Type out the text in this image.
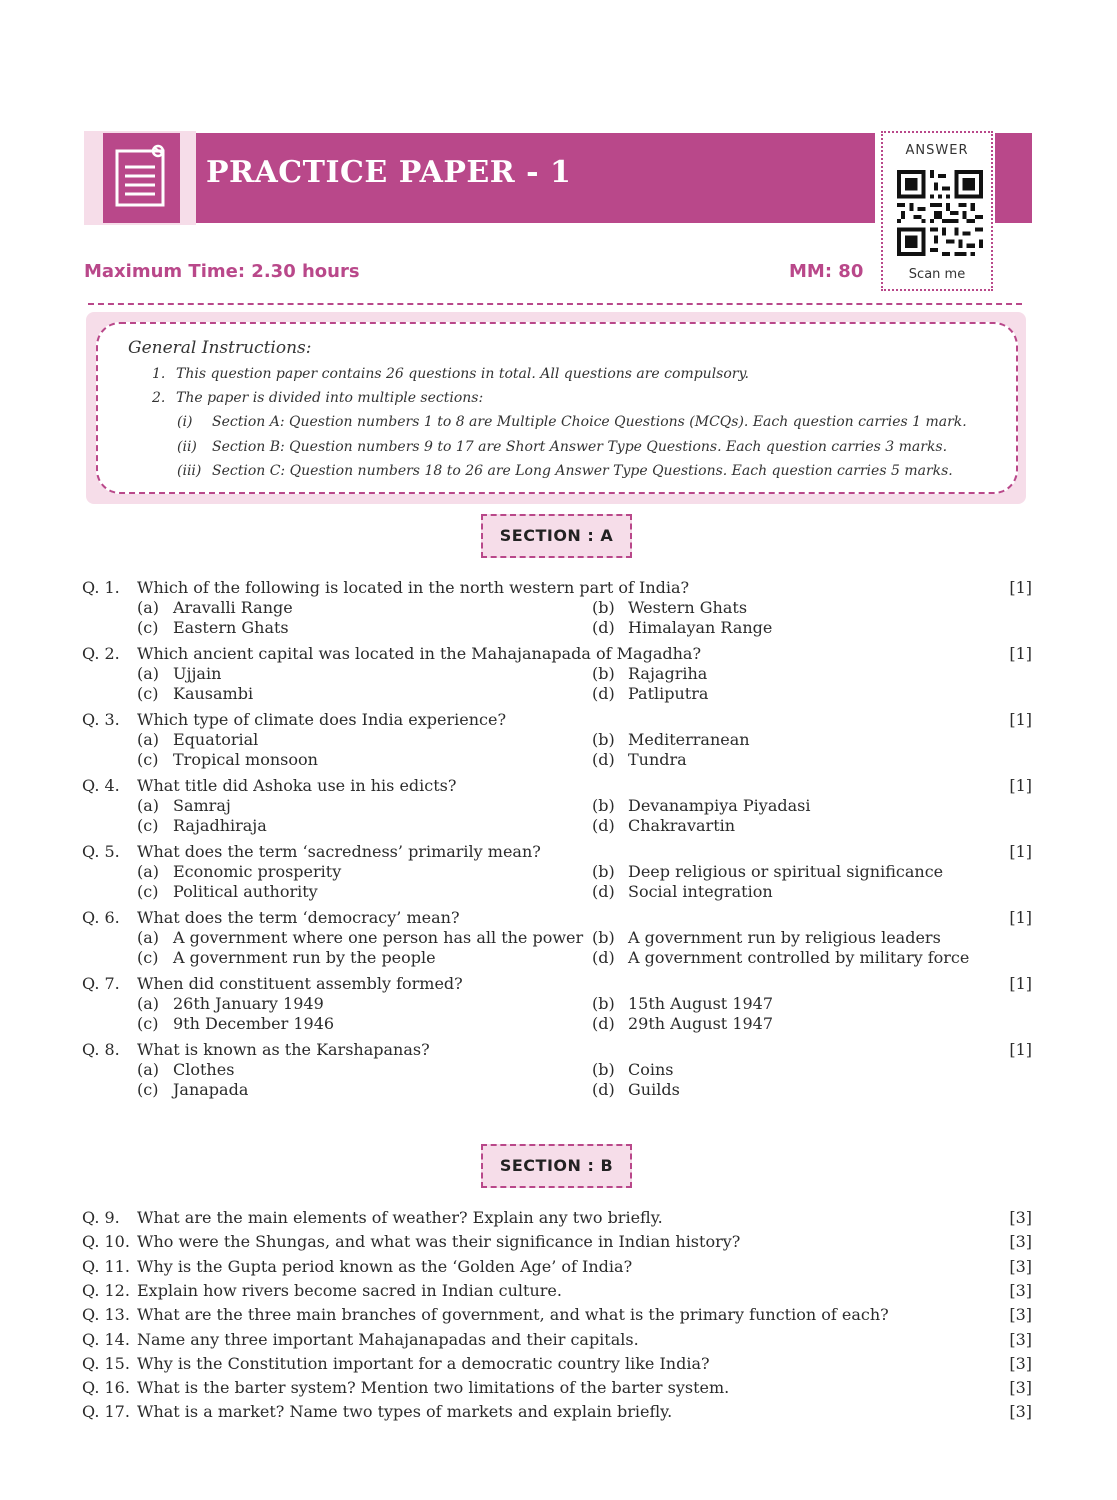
PRACTICE PAPER - 1
ANSWER
Scan me
Maximum Time: 2.30 hours	MM: 80
General Instructions:
1. This question paper contains 26 questions in total. All questions are compulsory.
2. The paper is divided into multiple sections:
(i) Section A: Question numbers 1 to 8 are Multiple Choice Questions (MCQs). Each question carries 1 mark.
(ii) Section B: Question numbers 9 to 17 are Short Answer Type Questions. Each question carries 3 marks.
(iii) Section C: Question numbers 18 to 26 are Long Answer Type Questions. Each question carries 5 marks.
SECTION : A
Q. 1. Which of the following is located in the north western part of India?	[1]
(a) Aravalli Range	(b) Western Ghats
(c) Eastern Ghats	(d) Himalayan Range
Q. 2. Which ancient capital was located in the Mahajanapada of Magadha?	[1]
(a) Ujjain	(b) Rajagriha
(c) Kausambi	(d) Patliputra
Q. 3. Which type of climate does India experience?	[1]
(a) Equatorial	(b) Mediterranean
(c) Tropical monsoon	(d) Tundra
Q. 4. What title did Ashoka use in his edicts?	[1]
(a) Samraj	(b) Devanampiya Piyadasi
(c) Rajadhiraja	(d) Chakravartin
Q. 5. What does the term ‘sacredness’ primarily mean?	[1]
(a) Economic prosperity	(b) Deep religious or spiritual significance
(c) Political authority	(d) Social integration
Q. 6. What does the term ‘democracy’ mean?	[1]
(a) A government where one person has all the power (b) A government run by religious leaders
(c) A government run by the people	(d) A government controlled by military force
Q. 7. When did constituent assembly formed?	[1]
(a) 26th January 1949	(b) 15th August 1947
(c) 9th December 1946	(d) 29th August 1947
Q. 8. What is known as the Karshapanas?	[1]
(a) Clothes	(b) Coins
(c) Janapada	(d) Guilds
SECTION : B
Q. 9. What are the main elements of weather? Explain any two briefly.	[3]
Q. 10. Who were the Shungas, and what was their significance in Indian history?	[3]
Q. 11. Why is the Gupta period known as the ‘Golden Age’ of India?	[3]
Q. 12. Explain how rivers become sacred in Indian culture.	[3]
Q. 13. What are the three main branches of government, and what is the primary function of each?	[3]
Q. 14. Name any three important Mahajanapadas and their capitals.	[3]
Q. 15. Why is the Constitution important for a democratic country like India?	[3]
Q. 16. What is the barter system? Mention two limitations of the barter system.	[3]
Q. 17. What is a market? Name two types of markets and explain briefly.	[3]
